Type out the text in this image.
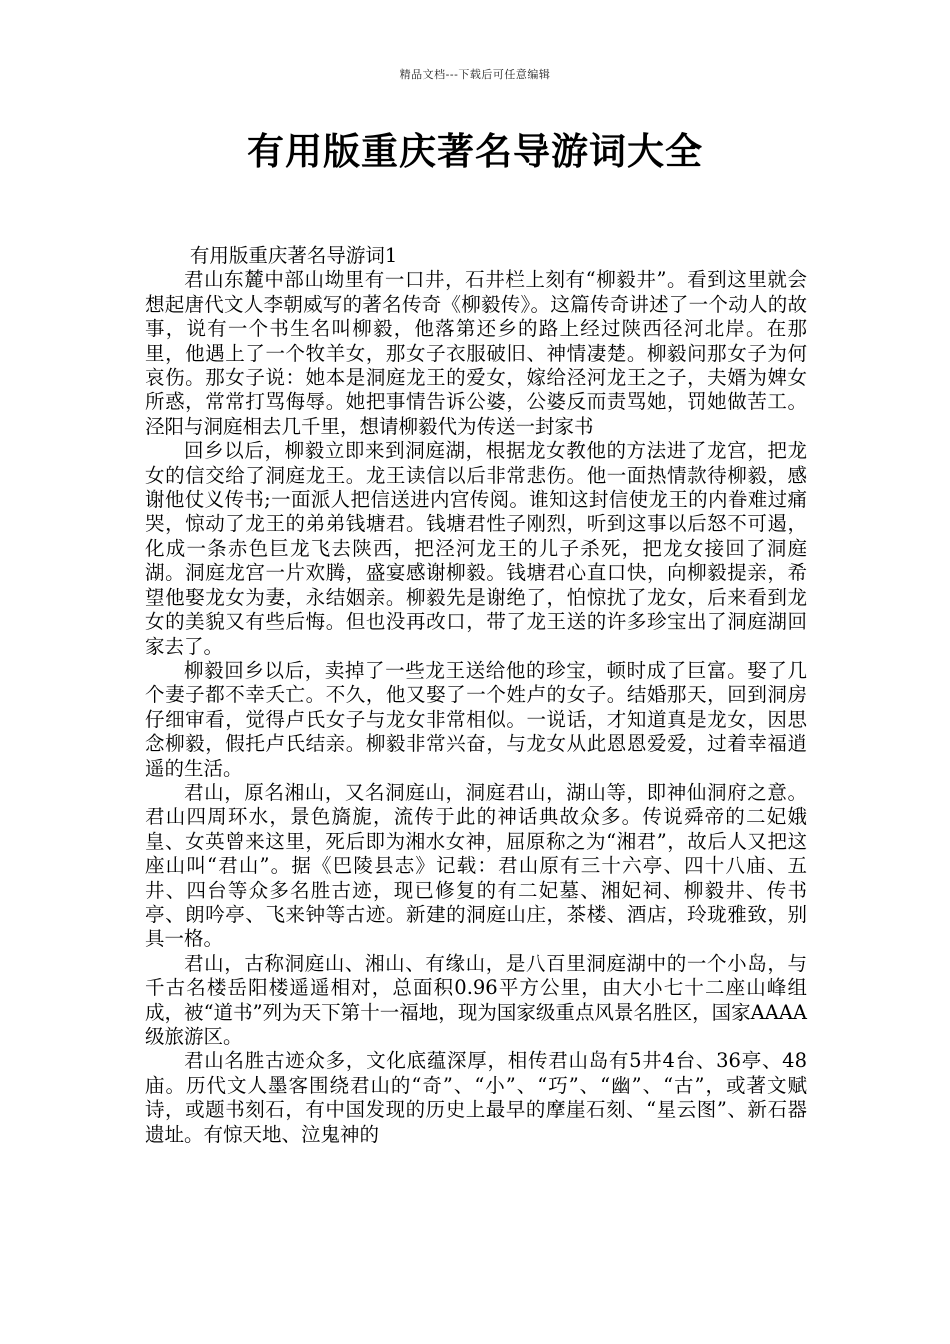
精品文档---下载后可任意编辑
有用版重庆著名导游词大全

有用版重庆著名导游词1

君山东麓中部山坳里有一口井，石井栏上刻有“柳毅井”。看到这里就会想起唐代文人李朝威写的著名传奇《柳毅传》。这篇传奇讲述了一个动人的故事，说有一个书生名叫柳毅，他落第还乡的路上经过陕西径河北岸。在那里，他遇上了一个牧羊女，那女子衣服破旧、神情凄楚。柳毅问那女子为何哀伤。那女子说：她本是洞庭龙王的爱女，嫁给泾河龙王之子，夫婿为婢女所惑，常常打骂侮辱。她把事情告诉公婆，公婆反而责骂她，罚她做苦工。泾阳与洞庭相去几千里，想请柳毅代为传送一封家书

回乡以后，柳毅立即来到洞庭湖，根据龙女教他的方法进了龙宫，把龙女的信交给了洞庭龙王。龙王读信以后非常悲伤。他一面热情款待柳毅，感谢他仗义传书;一面派人把信送进内宫传阅。谁知这封信使龙王的内眷难过痛哭，惊动了龙王的弟弟钱塘君。钱塘君性子刚烈，听到这事以后怒不可遏，化成一条赤色巨龙飞去陕西，把泾河龙王的儿子杀死，把龙女接回了洞庭湖。洞庭龙宫一片欢腾，盛宴感谢柳毅。钱塘君心直口快，向柳毅提亲，希望他娶龙女为妻，永结姻亲。柳毅先是谢绝了，怕惊扰了龙女，后来看到龙女的美貌又有些后悔。但也没再改口，带了龙王送的许多珍宝出了洞庭湖回家去了。

柳毅回乡以后，卖掉了一些龙王送给他的珍宝，顿时成了巨富。娶了几个妻子都不幸夭亡。不久，他又娶了一个姓卢的女子。结婚那天，回到洞房仔细审看，觉得卢氏女子与龙女非常相似。一说话，才知道真是龙女，因思念柳毅，假托卢氏结亲。柳毅非常兴奋，与龙女从此恩恩爱爱，过着幸福逍遥的生活。

君山，原名湘山，又名洞庭山，洞庭君山，湖山等，即神仙洞府之意。君山四周环水，景色旖旎，流传于此的神话典故众多。传说舜帝的二妃娥皇、女英曾来这里，死后即为湘水女神，屈原称之为“湘君”，故后人又把这座山叫“君山”。据《巴陵县志》记载：君山原有三十六亭、四十八庙、五井、四台等众多名胜古迹，现已修复的有二妃墓、湘妃祠、柳毅井、传书亭、朗吟亭、飞来钟等古迹。新建的洞庭山庄，茶楼、酒店，玲珑雅致，别具一格。

君山，古称洞庭山、湘山、有缘山，是八百里洞庭湖中的一个小岛，与千古名楼岳阳楼遥遥相对，总面积0.96平方公里，由大小七十二座山峰组成，被“道书”列为天下第十一福地，现为国家级重点风景名胜区，国家AAAA级旅游区。

君山名胜古迹众多，文化底蕴深厚，相传君山岛有5井4台、36亭、48庙。历代文人墨客围绕君山的“奇”、“小”、“巧”、“幽”、“古”，或著文赋诗，或题书刻石，有中国发现的历史上最早的摩崖石刻、“星云图”、新石器遗址。有惊天地、泣鬼神的
